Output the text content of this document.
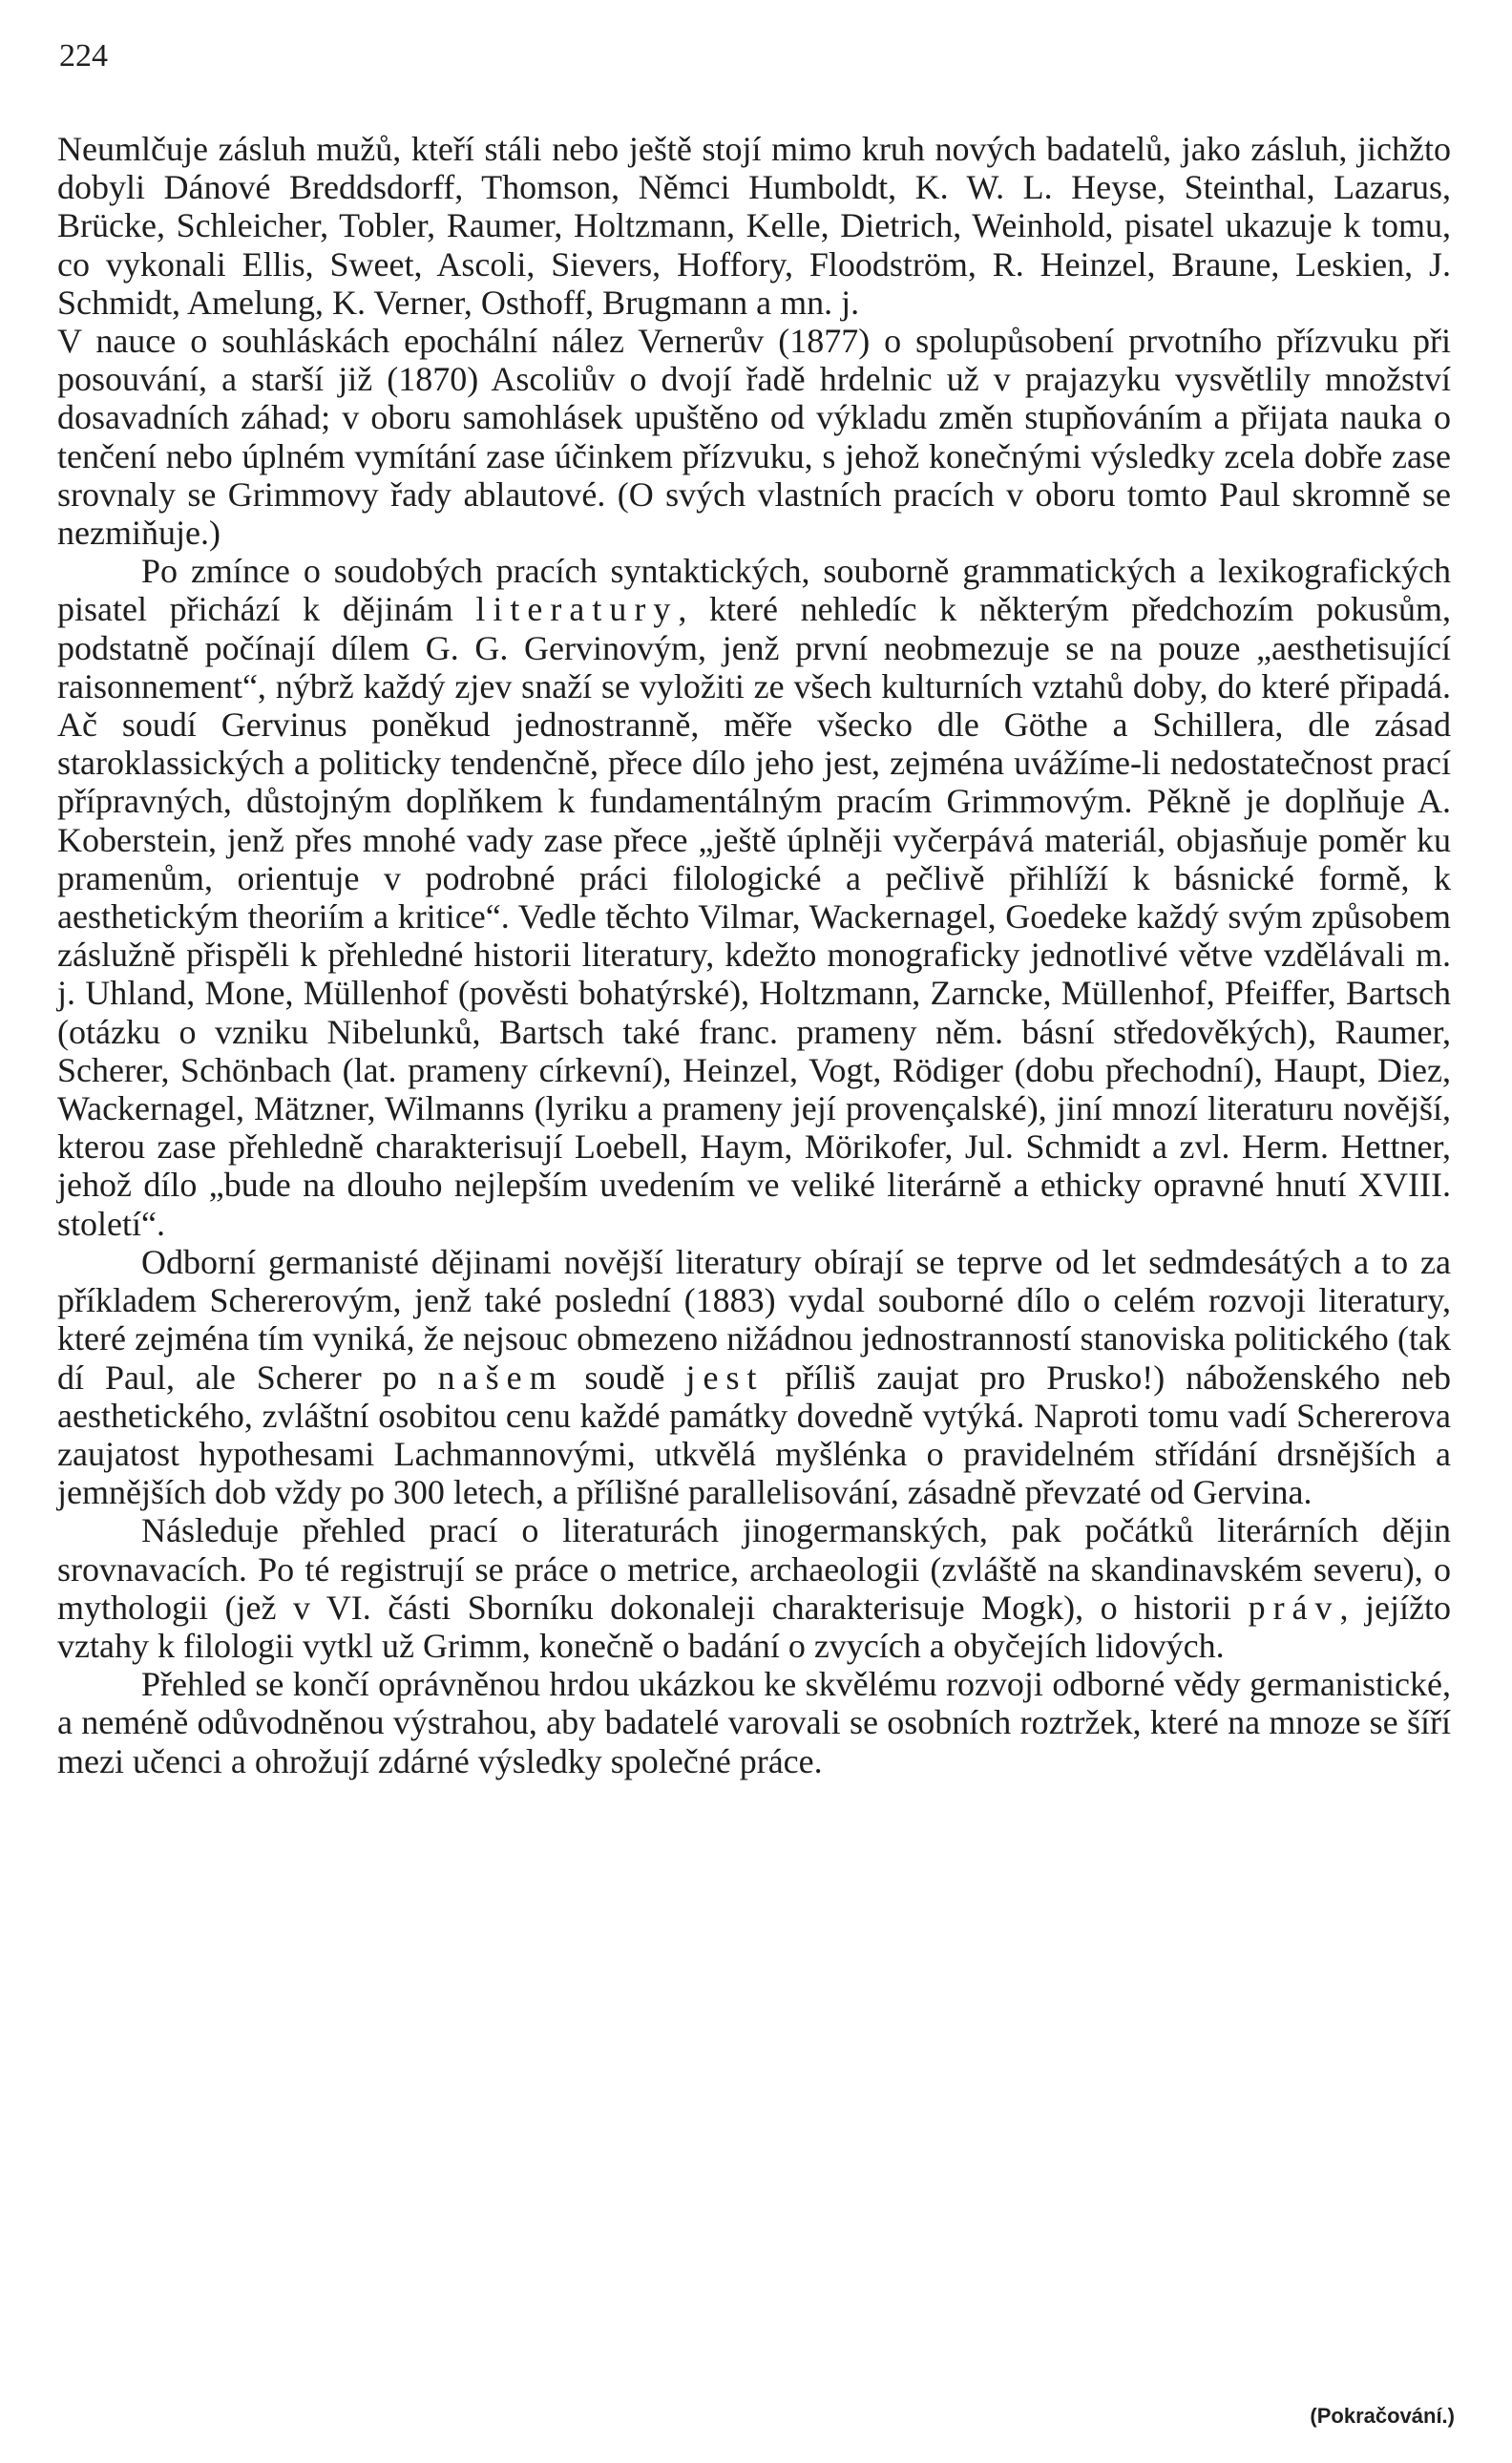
224

Neumlčuje zásluh mužů, kteří stáli nebo ještě stojí mimo kruh nových badatelů, jako zásluh, jichžto dobyli Dánové Breddsdorff, Thomson, Němci Humboldt, K. W. L. Heyse, Steinthal, Lazarus, Brücke, Schleicher, Tobler, Raumer, Holtzmann, Kelle, Dietrich, Weinhold, pisatel ukazuje k tomu, co vykonali Ellis, Sweet, Ascoli, Sievers, Hoffory, Floodström, R. Heinzel, Braune, Leskien, J. Schmidt, Amelung, K. Verner, Osthoff, Brugmann a mn. j.

V nauce o souhláskách epochální nález Vernerův (1877) o spolupůsobení prvotního přízvuku při posouvání, a starší již (1870) Ascoliův o dvojí řadě hrdelnic už v prajazyku vysvětlily množství dosavadních záhad; v oboru samohlásek upuštěno od výkladu změn stupňováním a přijata nauka o tenčení nebo úplném vymítání zase účinkem přízvuku, s jehož konečnými výsledky zcela dobře zase srovnaly se Grimmovy řady ablautové. (O svých vlastních pracích v oboru tomto Paul skromně se nezmiňuje.)

Po zmínce o soudobých pracích syntaktických, souborně grammatických a lexikografických pisatel přichází k dějinám literatury, které nehledíc k některým předchozím pokusům, podstatně počínají dílem G. G. Gervinovým, jenž první neobmezuje se na pouze „aesthetisující raisonnement“, nýbrž každý zjev snaží se vyložiti ze všech kulturních vztahů doby, do které připadá. Ač soudí Gervinus poněkud jednostranně, měře všecko dle Göthe a Schillera, dle zásad staroklassických a politicky tendenčně, přece dílo jeho jest, zejména uvážíme-li nedostatečnost prací přípravných, důstojným doplňkem k fundamentálným pracím Grimmovým. Pěkně je doplňuje A. Koberstein, jenž přes mnohé vady zase přece „ještě úplněji vyčerpává materiál, objasňuje poměr ku pramenům, orientuje v podrobné práci filologické a pečlivě přihlíží k básnické formě, k aesthetickým theoriím a kritice“. Vedle těchto Vilmar, Wackernagel, Goedeke každý svým způsobem záslužně přispěli k přehledné historii literatury, kdežto monograficky jednotlivé větve vzdělávali m. j. Uhland, Mone, Müllenhof (pověsti bohatýrské), Holtzmann, Zarncke, Müllenhof, Pfeiffer, Bartsch (otázku o vzniku Nibelunků, Bartsch také franc. prameny něm. básní středověkých), Raumer, Scherer, Schönbach (lat. prameny církevní), Heinzel, Vogt, Rödiger (dobu přechodní), Haupt, Diez, Wackernagel, Mätzner, Wilmanns (lyriku a prameny její provençalské), jiní mnozí literaturu novější, kterou zase přehledně charakterisují Loebell, Haym, Mörikofer, Jul. Schmidt a zvl. Herm. Hettner, jehož dílo „bude na dlouho nejlepším uvedením ve veliké literárně a ethicky opravné hnutí XVIII. století“.

Odborní germanisté dějinami novější literatury obírají se teprve od let sedmdesátých a to za příkladem Schererovým, jenž také poslední (1883) vydal souborné dílo o celém rozvoji literatury, které zejména tím vyniká, že nejsouc obmezeno nižádnou jednostranností stanoviska politického (tak dí Paul, ale Scherer po našem soudě jest příliš zaujat pro Prusko!) náboženského neb aesthetického, zvláštní osobitou cenu každé památky dovedně vytýká. Naproti tomu vadí Schererova zaujatost hypothesami Lachmannovými, utkvělá myšlénka o pravidelném střídání drsnějších a jemnějších dob vždy po 300 letech, a přílišné parallelisování, zásadně převzaté od Gervina.

Následuje přehled prací o literaturách jinogermanských, pak počátků literárních dějin srovnavacích. Po té registrují se práce o metrice, archaeologii (zvláště na skandinavském severu), o mythologii (jež v VI. části Sborníku dokonaleji charakterisuje Mogk), o historii práv, jejížto vztahy k filologii vytkl už Grimm, konečně o badání o zvycích a obyčejích lidových.

Přehled se končí oprávněnou hrdou ukázkou ke skvělému rozvoji odborné vědy germanistické, a neméně odůvodněnou výstrahou, aby badatelé varovali se osobních roztržek, které na mnoze se šíří mezi učenci a ohrožují zdárné výsledky společné práce.

(Pokračování.)
